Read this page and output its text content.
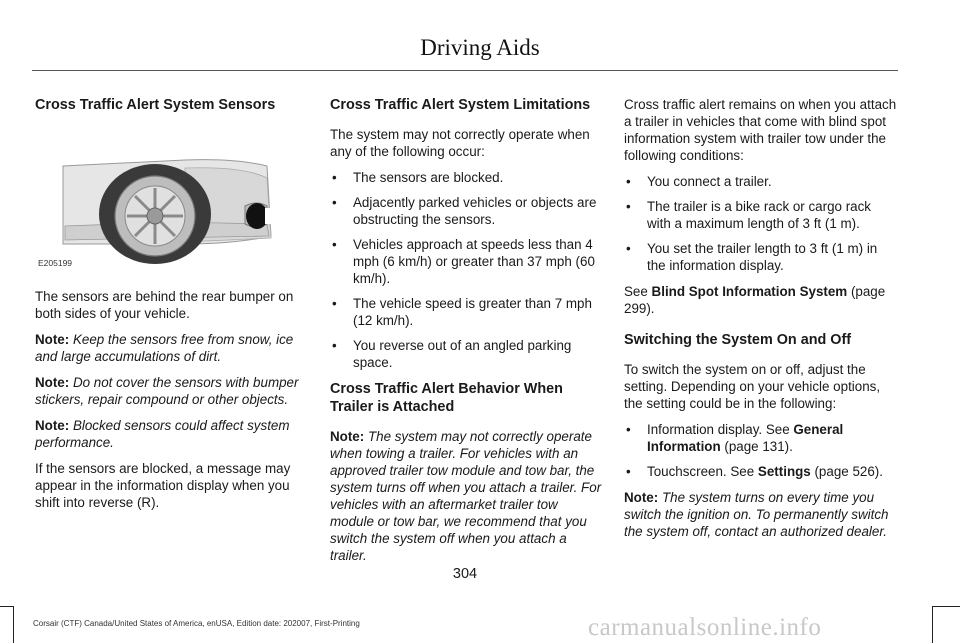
Driving Aids
Cross Traffic Alert System Sensors
E205199

The sensors are behind the rear bumper on both sides of your vehicle.

Note: Keep the sensors free from snow, ice and large accumulations of dirt.

Note: Do not cover the sensors with bumper stickers, repair compound or other objects.

Note: Blocked sensors could affect system performance.

If the sensors are blocked, a message may appear in the information display when you shift into reverse (R).

Cross Traffic Alert System Limitations

The system may not correctly operate when any of the following occur:

• The sensors are blocked.
• Adjacently parked vehicles or objects are obstructing the sensors.
• Vehicles approach at speeds less than 4 mph (6 km/h) or greater than 37 mph (60 km/h).
• The vehicle speed is greater than 7 mph (12 km/h).
• You reverse out of an angled parking space.
Cross Traffic Alert Behavior When Trailer is Attached

Note: The system may not correctly operate when towing a trailer. For vehicles with an approved trailer tow module and tow bar, the system turns off when you attach a trailer. For vehicles with an aftermarket trailer tow module or tow bar, we recommend that you switch the system off when you attach a trailer.

Cross traffic alert remains on when you attach a trailer in vehicles that come with blind spot information system with trailer tow under the following conditions:

• You connect a trailer.
• The trailer is a bike rack or cargo rack with a maximum length of 3 ft (1 m).
• You set the trailer length to 3 ft (1 m) in the information display.

See Blind Spot Information System (page 299).

Switching the System On and Off

To switch the system on or off, adjust the setting. Depending on your vehicle options, the setting could be in the following:

• Information display. See General Information (page 131).
• Touchscreen. See Settings (page 526).

Note: The system turns on every time you switch the ignition on. To permanently switch the system off, contact an authorized dealer.

304
Corsair (CTF) Canada/United States of America, enUSA, Edition date: 202007, First-Printing	carmanualsonline.info
